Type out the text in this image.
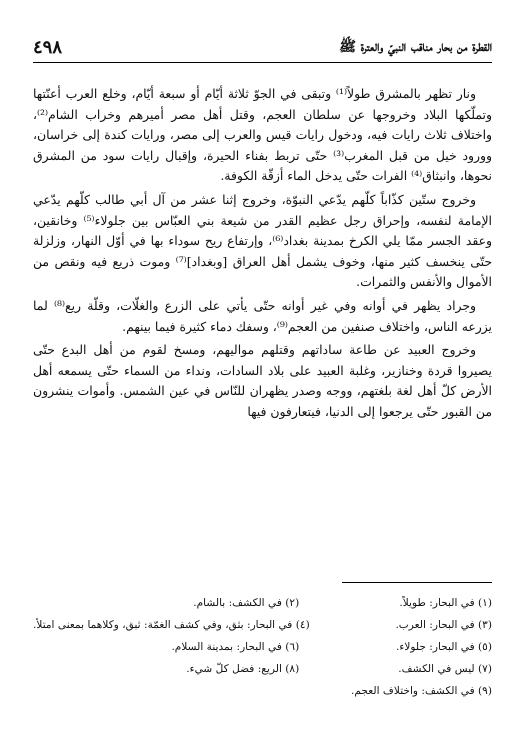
القطرة من بحار مناقب النبيّ والعترة ﷺ
٤٩٨

ونار تظهر بالمشرق طولاً⁽¹⁾ وتبقى في الجوّ ثلاثة أيّام أو سبعة أيّام، وخلع العرب أعنّتها وتملّكها البلاد وخروجها عن سلطان العجم، وقتل أهل مصر أميرهم وخراب الشام⁽²⁾، واختلاف ثلاث رايات فيه، ودخول رايات قيس والعرب إلى مصر، ورايات كندة إلى خراسان، وورود خيل من قبل المغرب⁽³⁾ حتّى تربط بفناء الحيرة، وإقبال رايات سود من المشرق نحوها، وانبثاق⁽⁴⁾ الفرات حتّى يدخل الماء أزقّة الكوفة.

وخروج ستّين كذّاباً كلّهم يدّعي النبوّة، وخروج إثنا عشر من آل أبي طالب كلّهم يدّعي الإمامة لنفسه، وإحراق رجل عظيم القدر من شيعة بني العبّاس بين جلولاء⁽⁵⁾ وخانقين، وعقد الجسر ممّا يلي الكرخ بمدينة بغداد⁽⁶⁾، وإرتفاع ريح سوداء بها في أوّل النهار، وزلزلة حتّى ينخسف كثير منها، وخوف يشمل أهل العراق [وبغداد]⁽⁷⁾ وموت ذريع فيه ونقص من الأموال والأنفس والثمرات.

وجراد يظهر في أوانه وفي غير أوانه حتّى يأتي على الزرع والغلّات، وقلّة ريع⁽⁸⁾ لما يزرعه الناس، واختلاف صنفين من العجم⁽⁹⁾، وسفك دماء كثيرة فيما بينهم.

وخروج العبيد عن طاعة ساداتهم وقتلهم مواليهم، ومسخ لقوم من أهل البدع حتّى يصيروا قردة وخنازير، وغلبة العبيد على بلاد السادات، ونداء من السماء حتّى يسمعه أهل الأرض كلّ أهل لغة بلغتهم، ووجه وصدر يظهران للنّاس في عين الشمس. وأموات ينشرون من القبور حتّى يرجعوا إلى الدنيا، فيتعارفون فيها

(١) في البحار: طويلاً.
(٢) في الكشف: بالشام.
(٣) في البحار: العرب.
(٤) في البحار: بثق، وفي كشف الغمّة: ثبق، وكلاهما بمعنى امتلأ.
(٥) في البحار: جلولاء.
(٦) في البحار: بمدينة السلام.
(٧) ليس في الكشف.
(٨) الريع: فضل كلّ شيء.
(٩) في الكشف: واختلاف العجم.
